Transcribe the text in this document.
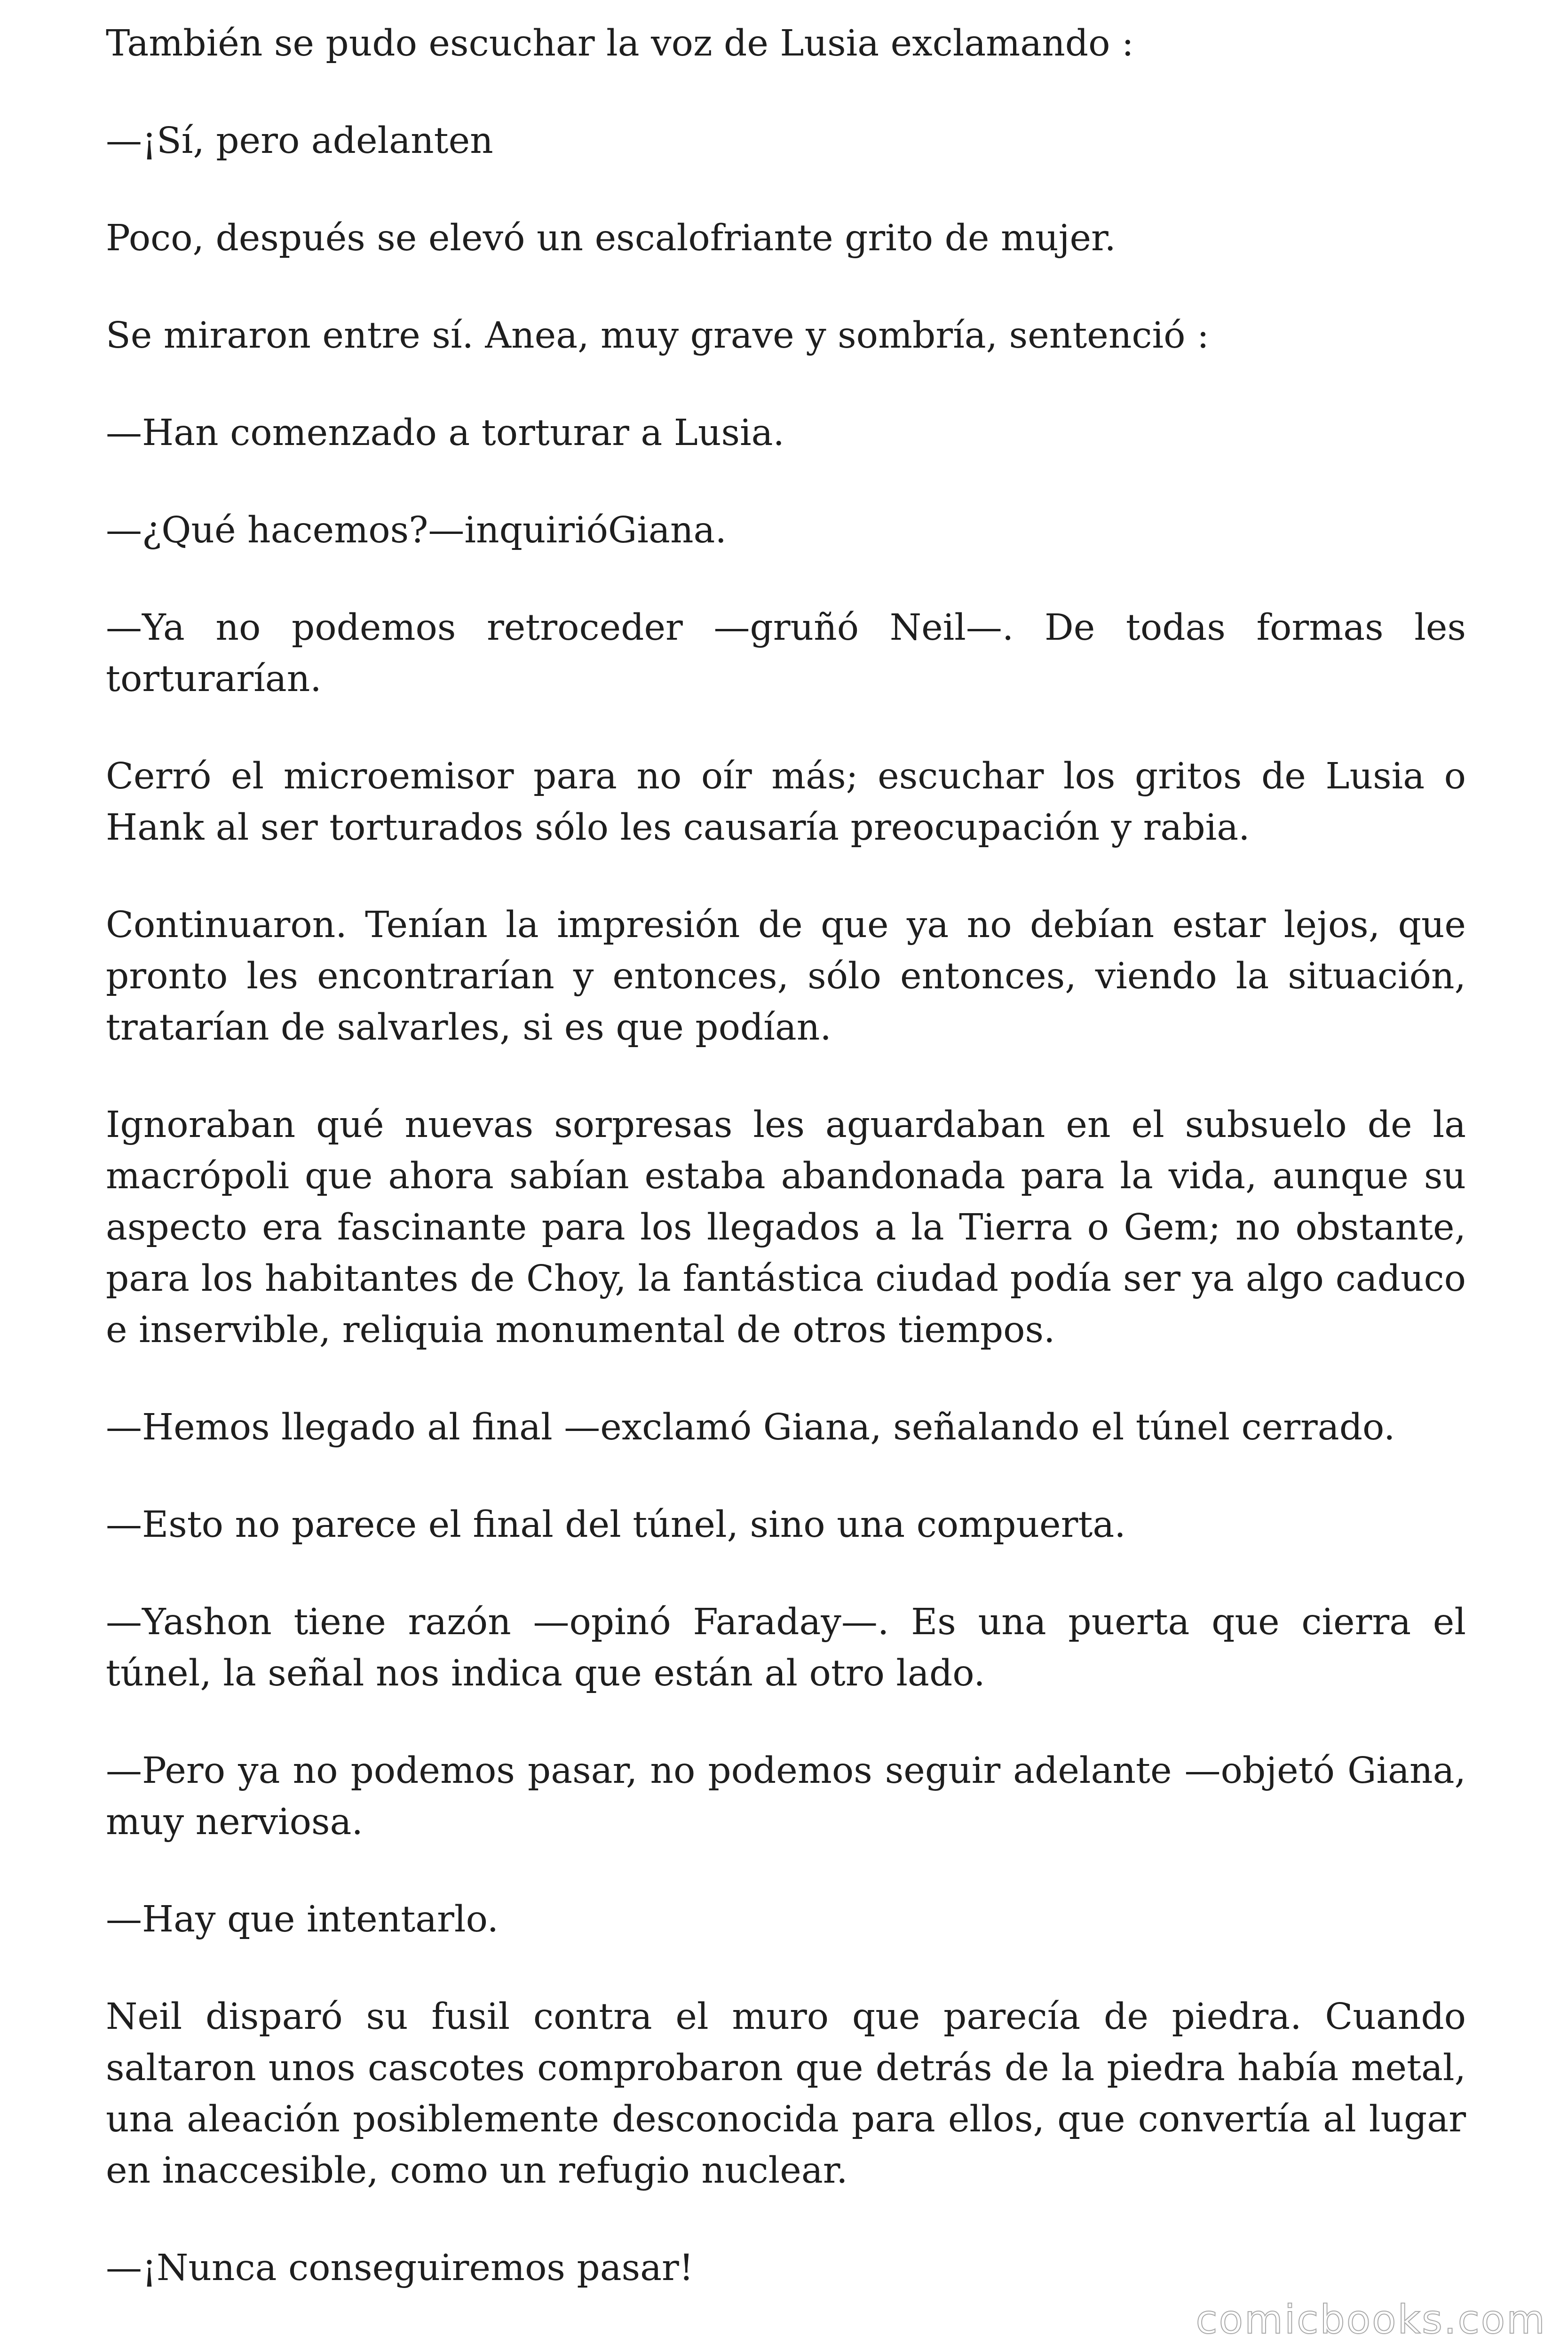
También se pudo escuchar la voz de Lusia exclamando :

—¡Sí, pero adelanten

Poco, después se elevó un escalofriante grito de mujer.

Se miraron entre sí. Anea, muy grave y sombría, sentenció :

—Han comenzado a torturar a Lusia.

—¿Qué hacemos?—inquirióGiana.

—Ya no podemos retroceder —gruñó Neil—. De todas formas les torturarían.

Cerró el microemisor para no oír más; escuchar los gritos de Lusia o Hank al ser torturados sólo les causaría preocupación y rabia.

Continuaron. Tenían la impresión de que ya no debían estar lejos, que pronto les encontrarían y entonces, sólo entonces, viendo la situación, tratarían de salvarles, si es que podían.

Ignoraban qué nuevas sorpresas les aguardaban en el subsuelo de la macrópoli que ahora sabían estaba abandonada para la vida, aunque su aspecto era fascinante para los llegados a la Tierra o Gem; no obstante, para los habitantes de Choy, la fantástica ciudad podía ser ya algo caduco e inservible, reliquia monumental de otros tiempos.

—Hemos llegado al final —exclamó Giana, señalando el túnel cerrado.

—Esto no parece el final del túnel, sino una compuerta.

—Yashon tiene razón —opinó Faraday—. Es una puerta que cierra el túnel, la señal nos indica que están al otro lado.

—Pero ya no podemos pasar, no podemos seguir adelante —objetó Giana, muy nerviosa.

—Hay que intentarlo.

Neil disparó su fusil contra el muro que parecía de piedra. Cuando saltaron unos cascotes comprobaron que detrás de la piedra había metal, una aleación posiblemente desconocida para ellos, que convertía al lugar en inaccesible, como un refugio nuclear.

—¡Nunca conseguiremos pasar!

comicbooks.com
